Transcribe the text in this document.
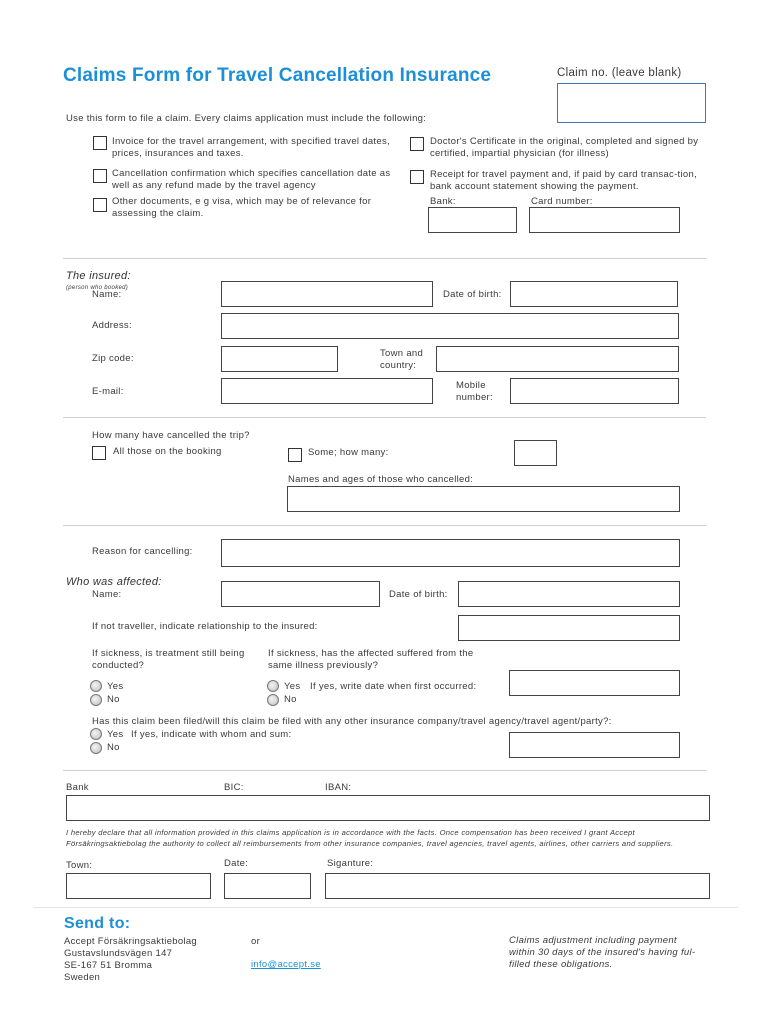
Claims Form for Travel Cancellation Insurance	Claim no. (leave blank)
Use this form to file a claim. Every claims application must include the following:
Invoice for the travel arrangement, with specified travel dates, prices, insurances and taxes.
Cancellation confirmation which specifies cancellation date as well as any refund made by the travel agency
Other documents, e g visa, which may be of relevance for assessing the claim.
Doctor's Certificate in the original, completed and signed by certified, impartial physician (for illness)
Receipt for travel payment and, if paid by card transac-tion, bank account statement showing the payment.
Bank:	Card number:
The insured:
(person who booked)
Name:	Date of birth:
Address:
Zip code:	Town and country:
E-mail:
Mobile number:
How many have cancelled the trip?
All those on the booking	Some; how many:
Names and ages of those who cancelled:
Reason for cancelling:
Who was affected:
Name:	Date of birth:
If not traveller, indicate relationship to the insured:
If sickness, is treatment still being conducted?
If sickness, has the affected suffered from the same illness previously?
Yes
No
Yes If yes, write date when first occurred:
No
Has this claim been filed/will this claim be filed with any other insurance company/travel agency/travel agent/party?:
Yes If yes, indicate with whom and sum:
No
Bank	BIC:	IBAN:
I hereby declare that all information provided in this claims application is in accordance with the facts. Once compensation has been received I grant Accept Försäkringsaktiebolag the authority to collect all reimbursements from other insurance companies, travel agencies, travel agents, airlines, other carriers and suppliers.
Town:	Date:	Siganture:
Send to:
Accept Försäkringsaktiebolag
Gustavslundsvägen 147
SE-167 51 Bromma
Sweden
or
info@accept.se
Claims adjustment including payment within 30 days of the insured's having ful-filled these obligations.
